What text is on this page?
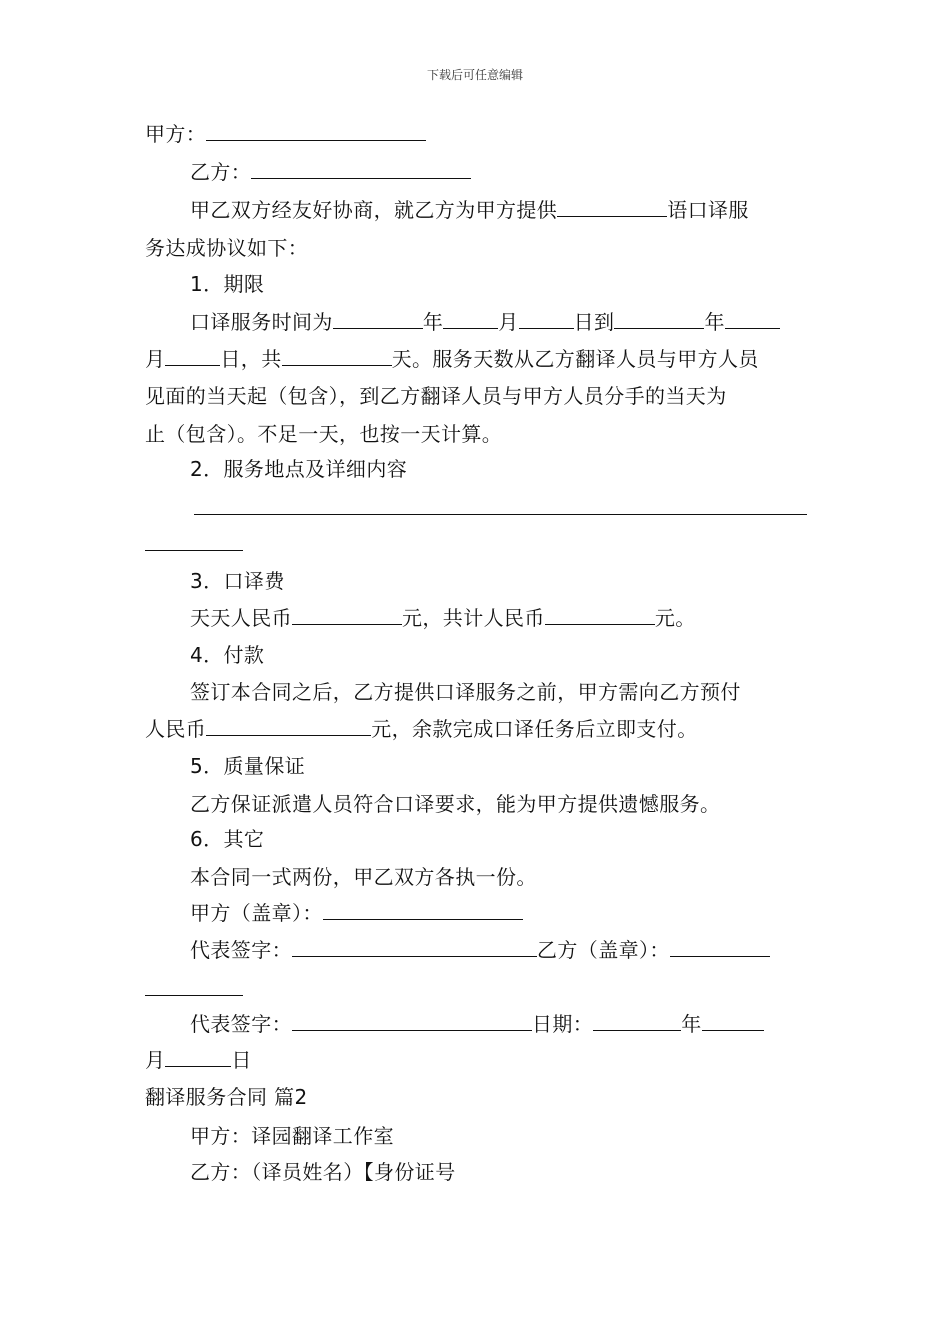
下载后可任意编辑
甲方：
乙方：
甲乙双方经友好协商，就乙方为甲方提供	语口译服
务达成协议如下：
1．期限
口译服务时间为	年	月	日到	年
月	日，共	天。服务天数从乙方翻译人员与甲方人员
见面的当天起（包含），到乙方翻译人员与甲方人员分手的当天为
止（包含）。不足一天，也按一天计算。
2．服务地点及详细内容
3．口译费
天天人民币	元，共计人民币	元。
4．付款
签订本合同之后，乙方提供口译服务之前，甲方需向乙方预付
人民币	元，余款完成口译任务后立即支付。
5．质量保证
乙方保证派遣人员符合口译要求，能为甲方提供遗憾服务。
6．其它
本合同一式两份，甲乙双方各执一份。
甲方（盖章）：
代表签字：	乙方（盖章）：
代表签字：	日期：	年
月	日
翻译服务合同 篇2
甲方：译园翻译工作室
乙方：（译员姓名）【身份证号
